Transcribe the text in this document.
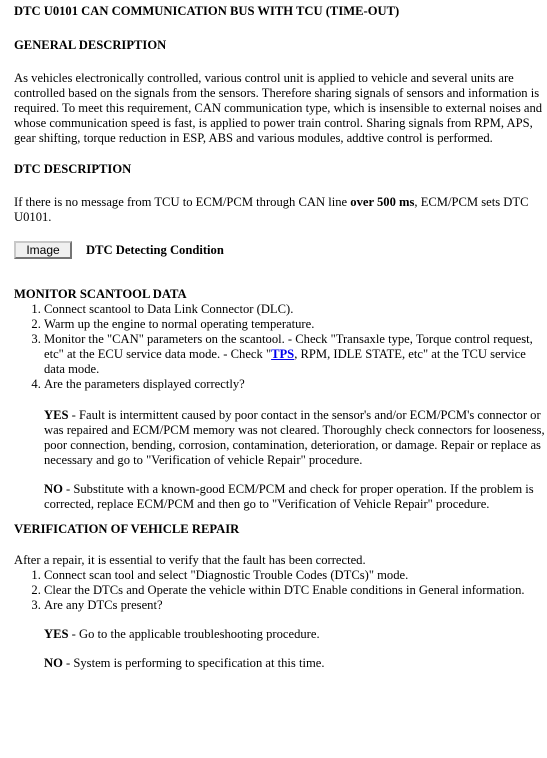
DTC U0101 CAN COMMUNICATION BUS WITH TCU (TIME-OUT)
GENERAL DESCRIPTION

As vehicles electronically controlled, various control unit is applied to vehicle and several units are controlled based on the signals from the sensors. Therefore sharing signals of sensors and information is required. To meet this requirement, CAN communication type, which is insensible to external noises and whose communication speed is fast, is applied to power train control. Sharing signals from RPM, APS, gear shifting, torque reduction in ESP, ABS and various modules, addtive control is performed.

DTC DESCRIPTION

If there is no message from TCU to ECM/PCM through CAN line over 500 ms, ECM/PCM sets DTC U0101.

Image	DTC Detecting Condition
MONITOR SCANTOOL DATA
1. Connect scantool to Data Link Connector (DLC).
2. Warm up the engine to normal operating temperature.
3. Monitor the "CAN" parameters on the scantool. - Check "Transaxle type, Torque control request, etc" at the ECU service data mode. - Check "TPS, RPM, IDLE STATE, etc" at the TCU service data mode.
4. Are the parameters displayed correctly?

YES - Fault is intermittent caused by poor contact in the sensor's and/or ECM/PCM's connector or was repaired and ECM/PCM memory was not cleared. Thoroughly check connectors for looseness, poor connection, bending, corrosion, contamination, deterioration, or damage. Repair or replace as necessary and go to "Verification of vehicle Repair" procedure.

NO - Substitute with a known-good ECM/PCM and check for proper operation. If the problem is corrected, replace ECM/PCM and then go to "Verification of Vehicle Repair" procedure.

VERIFICATION OF VEHICLE REPAIR

After a repair, it is essential to verify that the fault has been corrected.

1. Connect scan tool and select "Diagnostic Trouble Codes (DTCs)" mode.
2. Clear the DTCs and Operate the vehicle within DTC Enable conditions in General information.
3. Are any DTCs present?

YES - Go to the applicable troubleshooting procedure.

NO - System is performing to specification at this time.
